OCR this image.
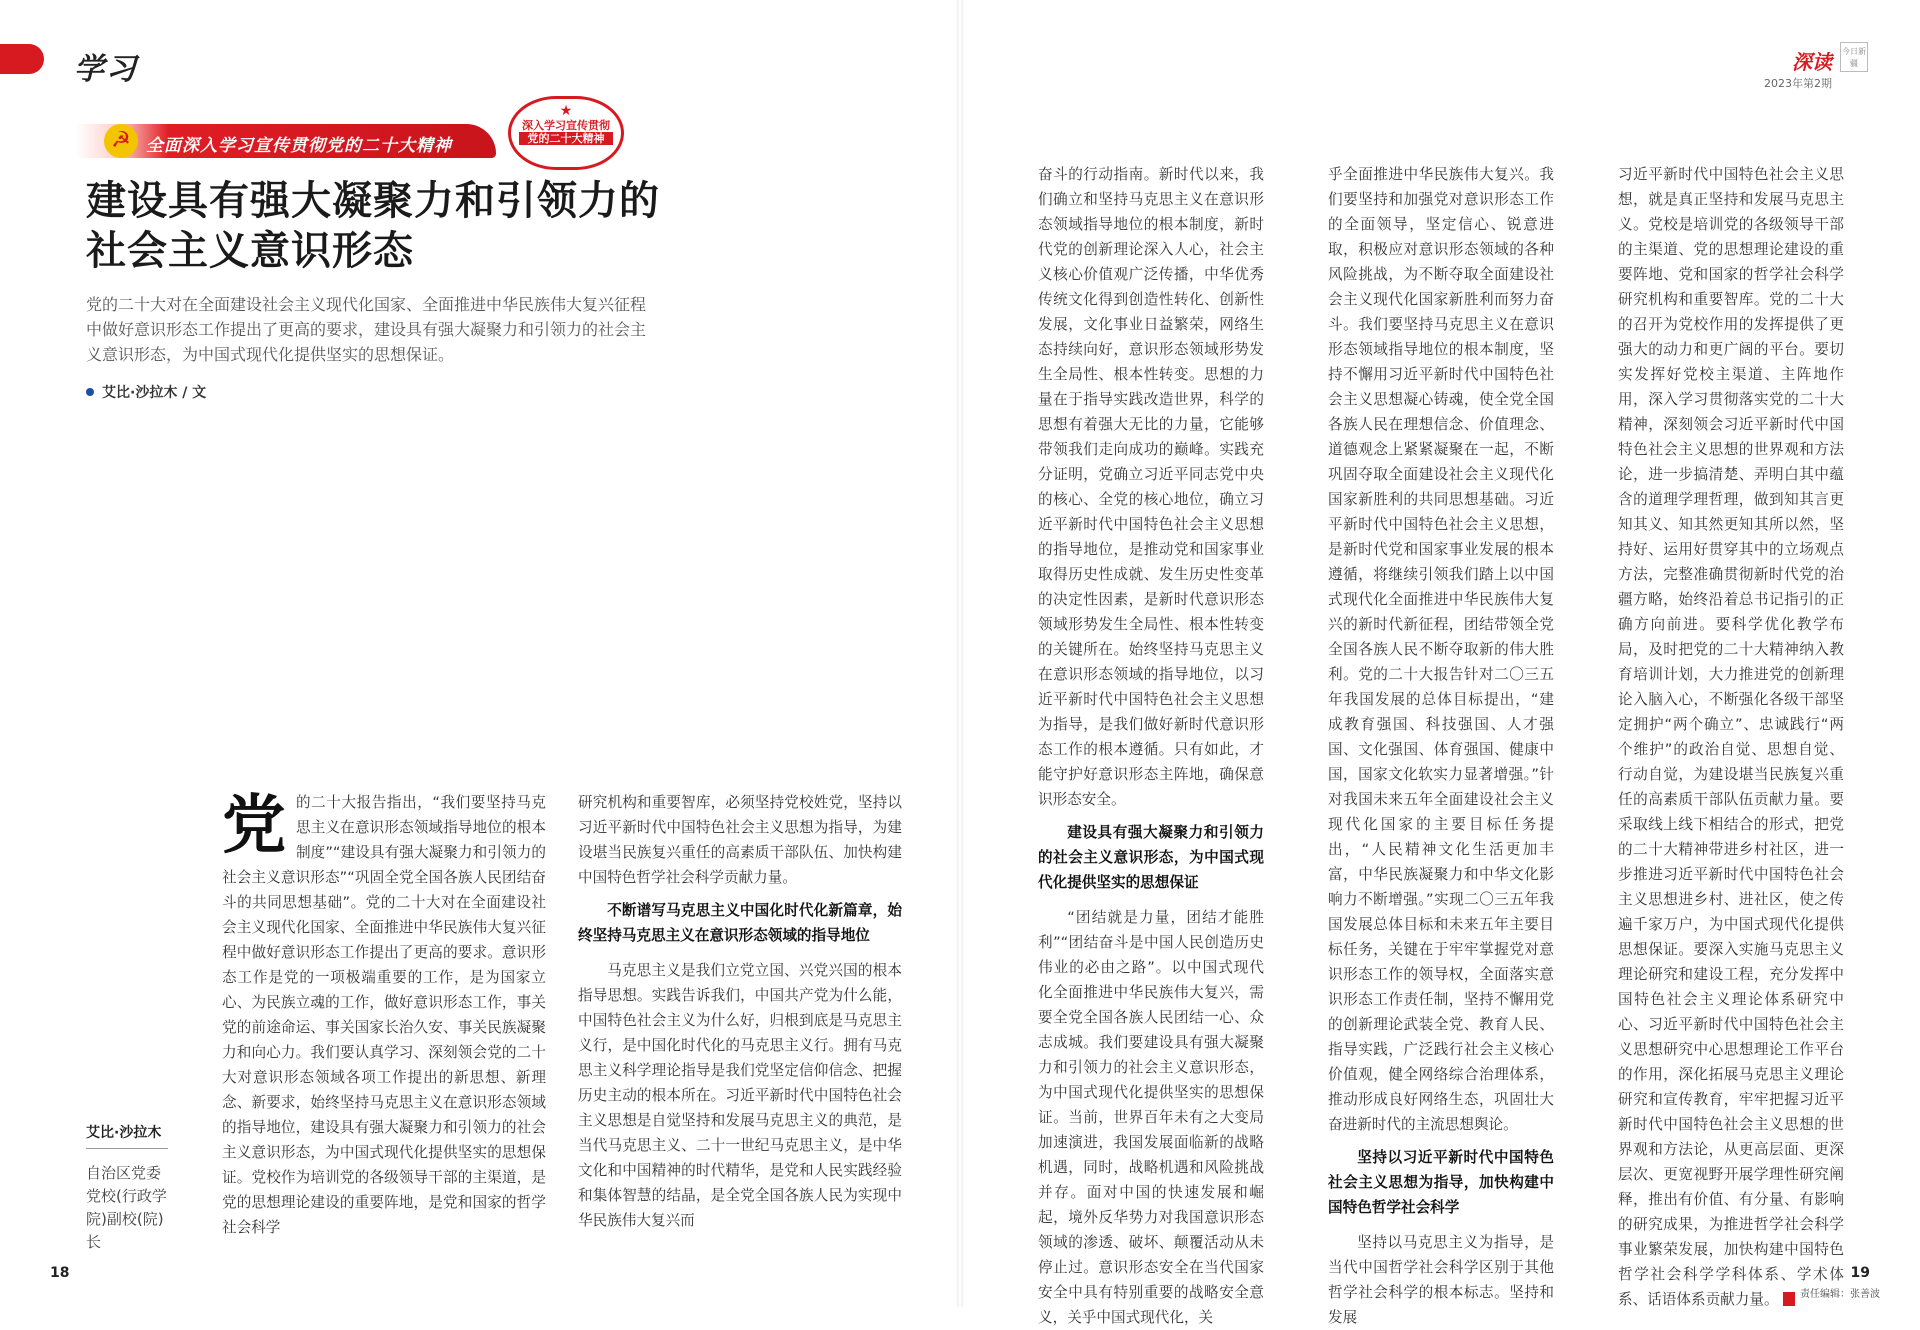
学习
☭ 全面深入学习宣传贯彻党的二十大精神
★
深入学习宣传贯彻
党的二十大精神
建设具有强大凝聚力和引领力的
社会主义意识形态
党的二十大对在全面建设社会主义现代化国家、全面推进中华民族伟大复兴征程中做好意识形态工作提出了更高的要求，建设具有强大凝聚力和引领力的社会主义意识形态，为中国式现代化提供坚实的思想保证。
艾比·沙拉木 / 文
艾比·沙拉木
自治区党委党校(行政学院)副校(院)长
党 的二十大报告指出，“我们要坚持马克思主义在意识形态领域指导地位的根本制度”“建设具有强大凝聚力和引领力的社会主义意识形态”“巩固全党全国各族人民团结奋斗的共同思想基础”。党的二十大对在全面建设社会主义现代化国家、全面推进中华民族伟大复兴征程中做好意识形态工作提出了更高的要求。意识形态工作是党的一项极端重要的工作，是为国家立心、为民族立魂的工作，做好意识形态工作，事关党的前途命运、事关国家长治久安、事关民族凝聚力和向心力。我们要认真学习、深刻领会党的二十大对意识形态领域各项工作提出的新思想、新理念、新要求，始终坚持马克思主义在意识形态领域的指导地位，建设具有强大凝聚力和引领力的社会主义意识形态，为中国式现代化提供坚实的思想保证。党校作为培训党的各级领导干部的主渠道，是党的思想理论建设的重要阵地，是党和国家的哲学社会科学

研究机构和重要智库，必须坚持党校姓党，坚持以习近平新时代中国特色社会主义思想为指导，为建设堪当民族复兴重任的高素质干部队伍、加快构建中国特色哲学社会科学贡献力量。

不断谱写马克思主义中国化时代化新篇章，始终坚持马克思主义在意识形态领域的指导地位

马克思主义是我们立党立国、兴党兴国的根本指导思想。实践告诉我们，中国共产党为什么能，中国特色社会主义为什么好，归根到底是马克思主义行，是中国化时代化的马克思主义行。拥有马克思主义科学理论指导是我们党坚定信仰信念、把握历史主动的根本所在。习近平新时代中国特色社会主义思想是自觉坚持和发展马克思主义的典范，是当代马克思主义、二十一世纪马克思主义，是中华文化和中国精神的时代精华，是党和人民实践经验和集体智慧的结晶，是全党全国各族人民为实现中华民族伟大复兴而

18
深读
2023年第2期
今日新疆

奋斗的行动指南。新时代以来，我们确立和坚持马克思主义在意识形态领域指导地位的根本制度，新时代党的创新理论深入人心，社会主义核心价值观广泛传播，中华优秀传统文化得到创造性转化、创新性发展，文化事业日益繁荣，网络生态持续向好，意识形态领域形势发生全局性、根本性转变。思想的力量在于指导实践改造世界，科学的思想有着强大无比的力量，它能够带领我们走向成功的巅峰。实践充分证明，党确立习近平同志党中央的核心、全党的核心地位，确立习近平新时代中国特色社会主义思想的指导地位，是推动党和国家事业取得历史性成就、发生历史性变革的决定性因素，是新时代意识形态领域形势发生全局性、根本性转变的关键所在。始终坚持马克思主义在意识形态领域的指导地位，以习近平新时代中国特色社会主义思想为指导，是我们做好新时代意识形态工作的根本遵循。只有如此，才能守护好意识形态主阵地，确保意识形态安全。

建设具有强大凝聚力和引领力的社会主义意识形态，为中国式现代化提供坚实的思想保证

“团结就是力量，团结才能胜利”“团结奋斗是中国人民创造历史伟业的必由之路”。以中国式现代化全面推进中华民族伟大复兴，需要全党全国各族人民团结一心、众志成城。我们要建设具有强大凝聚力和引领力的社会主义意识形态，为中国式现代化提供坚实的思想保证。当前，世界百年未有之大变局加速演进，我国发展面临新的战略机遇，同时，战略机遇和风险挑战并存。面对中国的快速发展和崛起，境外反华势力对我国意识形态领域的渗透、破坏、颠覆活动从未停止过。意识形态安全在当代国家安全中具有特别重要的战略安全意义，关乎中国式现代化，关

乎全面推进中华民族伟大复兴。我们要坚持和加强党对意识形态工作的全面领导，坚定信心、锐意进取，积极应对意识形态领域的各种风险挑战，为不断夺取全面建设社会主义现代化国家新胜利而努力奋斗。我们要坚持马克思主义在意识形态领域指导地位的根本制度，坚持不懈用习近平新时代中国特色社会主义思想凝心铸魂，使全党全国各族人民在理想信念、价值理念、道德观念上紧紧凝聚在一起，不断巩固夺取全面建设社会主义现代化国家新胜利的共同思想基础。习近平新时代中国特色社会主义思想，是新时代党和国家事业发展的根本遵循，将继续引领我们踏上以中国式现代化全面推进中华民族伟大复兴的新时代新征程，团结带领全党全国各族人民不断夺取新的伟大胜利。党的二十大报告针对二〇三五年我国发展的总体目标提出，“建成教育强国、科技强国、人才强国、文化强国、体育强国、健康中国，国家文化软实力显著增强。”针对我国未来五年全面建设社会主义现代化国家的主要目标任务提出，“人民精神文化生活更加丰富，中华民族凝聚力和中华文化影响力不断增强。”实现二〇三五年我国发展总体目标和未来五年主要目标任务，关键在于牢牢掌握党对意识形态工作的领导权，全面落实意识形态工作责任制，坚持不懈用党的创新理论武装全党、教育人民、指导实践，广泛践行社会主义核心价值观，健全网络综合治理体系，推动形成良好网络生态，巩固壮大奋进新时代的主流思想舆论。

坚持以习近平新时代中国特色社会主义思想为指导，加快构建中国特色哲学社会科学

坚持以马克思主义为指导，是当代中国哲学社会科学区别于其他哲学社会科学的根本标志。坚持和发展

习近平新时代中国特色社会主义思想，就是真正坚持和发展马克思主义。党校是培训党的各级领导干部的主渠道、党的思想理论建设的重要阵地、党和国家的哲学社会科学研究机构和重要智库。党的二十大的召开为党校作用的发挥提供了更强大的动力和更广阔的平台。要切实发挥好党校主渠道、主阵地作用，深入学习贯彻落实党的二十大精神，深刻领会习近平新时代中国特色社会主义思想的世界观和方法论，进一步搞清楚、弄明白其中蕴含的道理学理哲理，做到知其言更知其义、知其然更知其所以然，坚持好、运用好贯穿其中的立场观点方法，完整准确贯彻新时代党的治疆方略，始终沿着总书记指引的正确方向前进。要科学优化教学布局，及时把党的二十大精神纳入教育培训计划，大力推进党的创新理论入脑入心，不断强化各级干部坚定拥护“两个确立”、忠诚践行“两个维护”的政治自觉、思想自觉、行动自觉，为建设堪当民族复兴重任的高素质干部队伍贡献力量。要采取线上线下相结合的形式，把党的二十大精神带进乡村社区，进一步推进习近平新时代中国特色社会主义思想进乡村、进社区，使之传遍千家万户，为中国式现代化提供思想保证。要深入实施马克思主义理论研究和建设工程，充分发挥中国特色社会主义理论体系研究中心、习近平新时代中国特色社会主义思想研究中心思想理论工作平台的作用，深化拓展马克思主义理论研究和宣传教育，牢牢把握习近平新时代中国特色社会主义思想的世界观和方法论，从更高层面、更深层次、更宽视野开展学理性研究阐释，推出有价值、有分量、有影响的研究成果，为推进哲学社会科学事业繁荣发展，加快构建中国特色哲学社会科学学科体系、学术体系、话语体系贡献力量。	责任编辑：张善波
19
